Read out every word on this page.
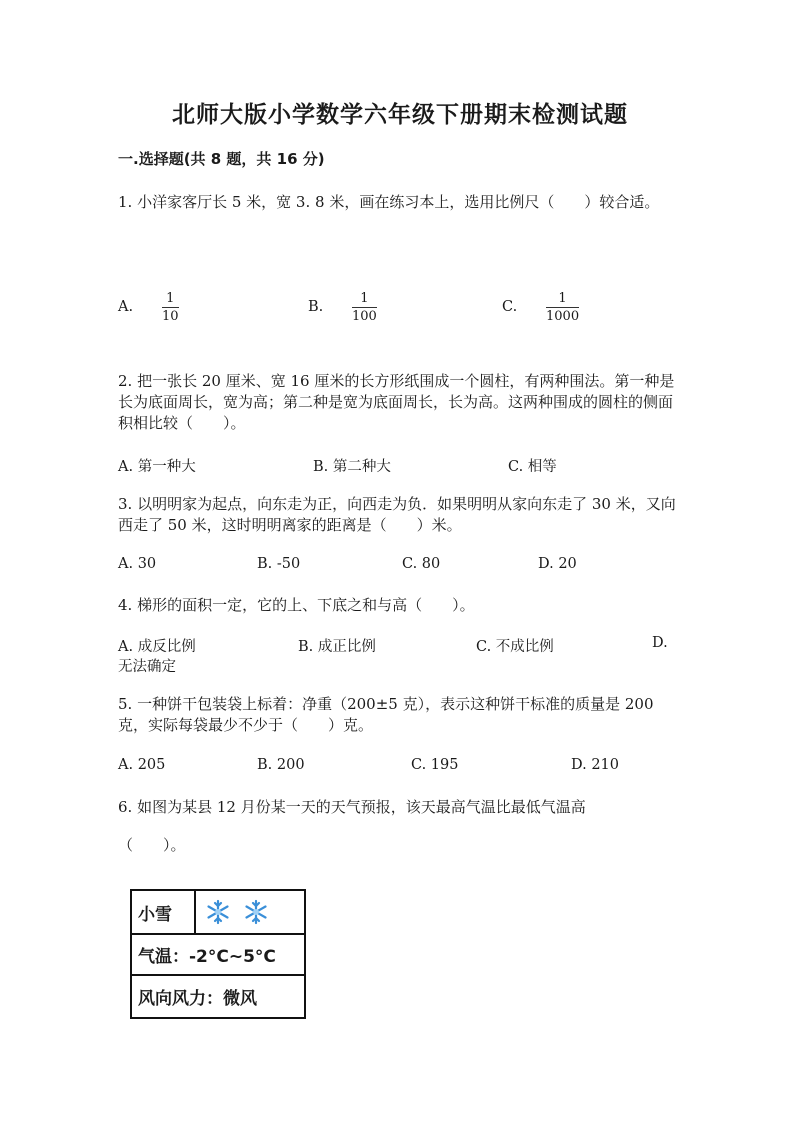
北师大版小学数学六年级下册期末检测试题
一.选择题(共 8 题，共 16 分)

1. 小洋家客厅长 5 米，宽 3. 8 米，画在练习本上，选用比例尺（　　）较合适。

A.	$\frac{1}{10}$	B.	$\frac{1}{100}$	C.	$\frac{1}{1000}$

2. 把一张长 20 厘米、宽 16 厘米的长方形纸围成一个圆柱，有两种围法。第一种是长为底面周长，宽为高；第二种是宽为底面周长，长为高。这两种围成的圆柱的侧面积相比较（　　）。

A. 第一种大	B. 第二种大	C. 相等

3. 以明明家为起点，向东走为正，向西走为负．如果明明从家向东走了 30 米，又向西走了 50 米，这时明明离家的距离是（　　）米。

A. 30	B. -50	C. 80	D. 20

4. 梯形的面积一定，它的上、下底之和与高（　　）。

A. 成反比例	B. 成正比例	C. 不成比例	D.
无法确定

5. 一种饼干包装袋上标着：净重（200±5 克），表示这种饼干标准的质量是 200 克，实际每袋最少不少于（　　）克。

A. 205	B. 200	C. 195	D. 210

6. 如图为某县 12 月份某一天的天气预报，该天最高气温比最低气温高（　　）。

小雪
气温：-2°C~5°C
风向风力：微风
